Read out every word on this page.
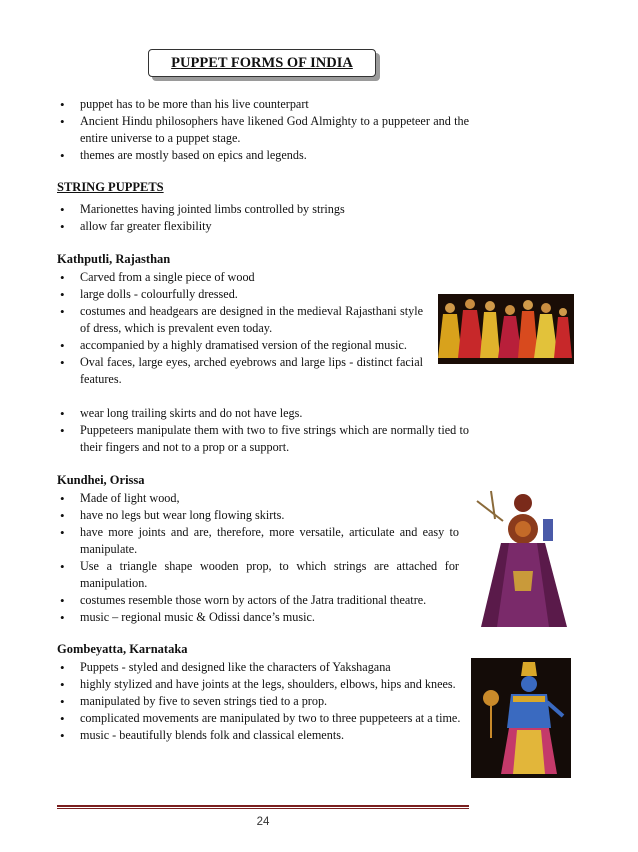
PUPPET FORMS OF INDIA
• puppet has to be more than his live counterpart
• Ancient Hindu philosophers have likened God Almighty to a puppeteer and the entire universe to a puppet stage.
• themes are mostly based on epics and legends.
STRING PUPPETS
• Marionettes having jointed limbs controlled by strings
• allow far greater flexibility
Kathputli, Rajasthan
• Carved from a single piece of wood
• large dolls - colourfully dressed.
• costumes and headgears are designed in the medieval Rajasthani style of dress, which is prevalent even today.
• accompanied by a highly dramatised version of the regional music.
• Oval faces, large eyes, arched eyebrows and large lips - distinct facial features.
• wear long trailing skirts and do not have legs.
• Puppeteers manipulate them with two to five strings which are normally tied to their fingers and not to a prop or a support.
Kundhei, Orissa
• Made of light wood,
• have no legs but wear long flowing skirts.
• have more joints and are, therefore, more versatile, articulate and easy to manipulate.
• Use a triangle shape wooden prop, to which strings are attached for manipulation.
• costumes resemble those worn by actors of the Jatra traditional theatre.
• music – regional music & Odissi dance’s music.
Gombeyatta, Karnataka
• Puppets - styled and designed like the characters of Yakshagana
• highly stylized and have joints at the legs, shoulders, elbows, hips and knees.
• manipulated by five to seven strings tied to a prop.
• complicated movements are manipulated by two to three puppeteers at a time.
• music - beautifully blends folk and classical elements.
24
